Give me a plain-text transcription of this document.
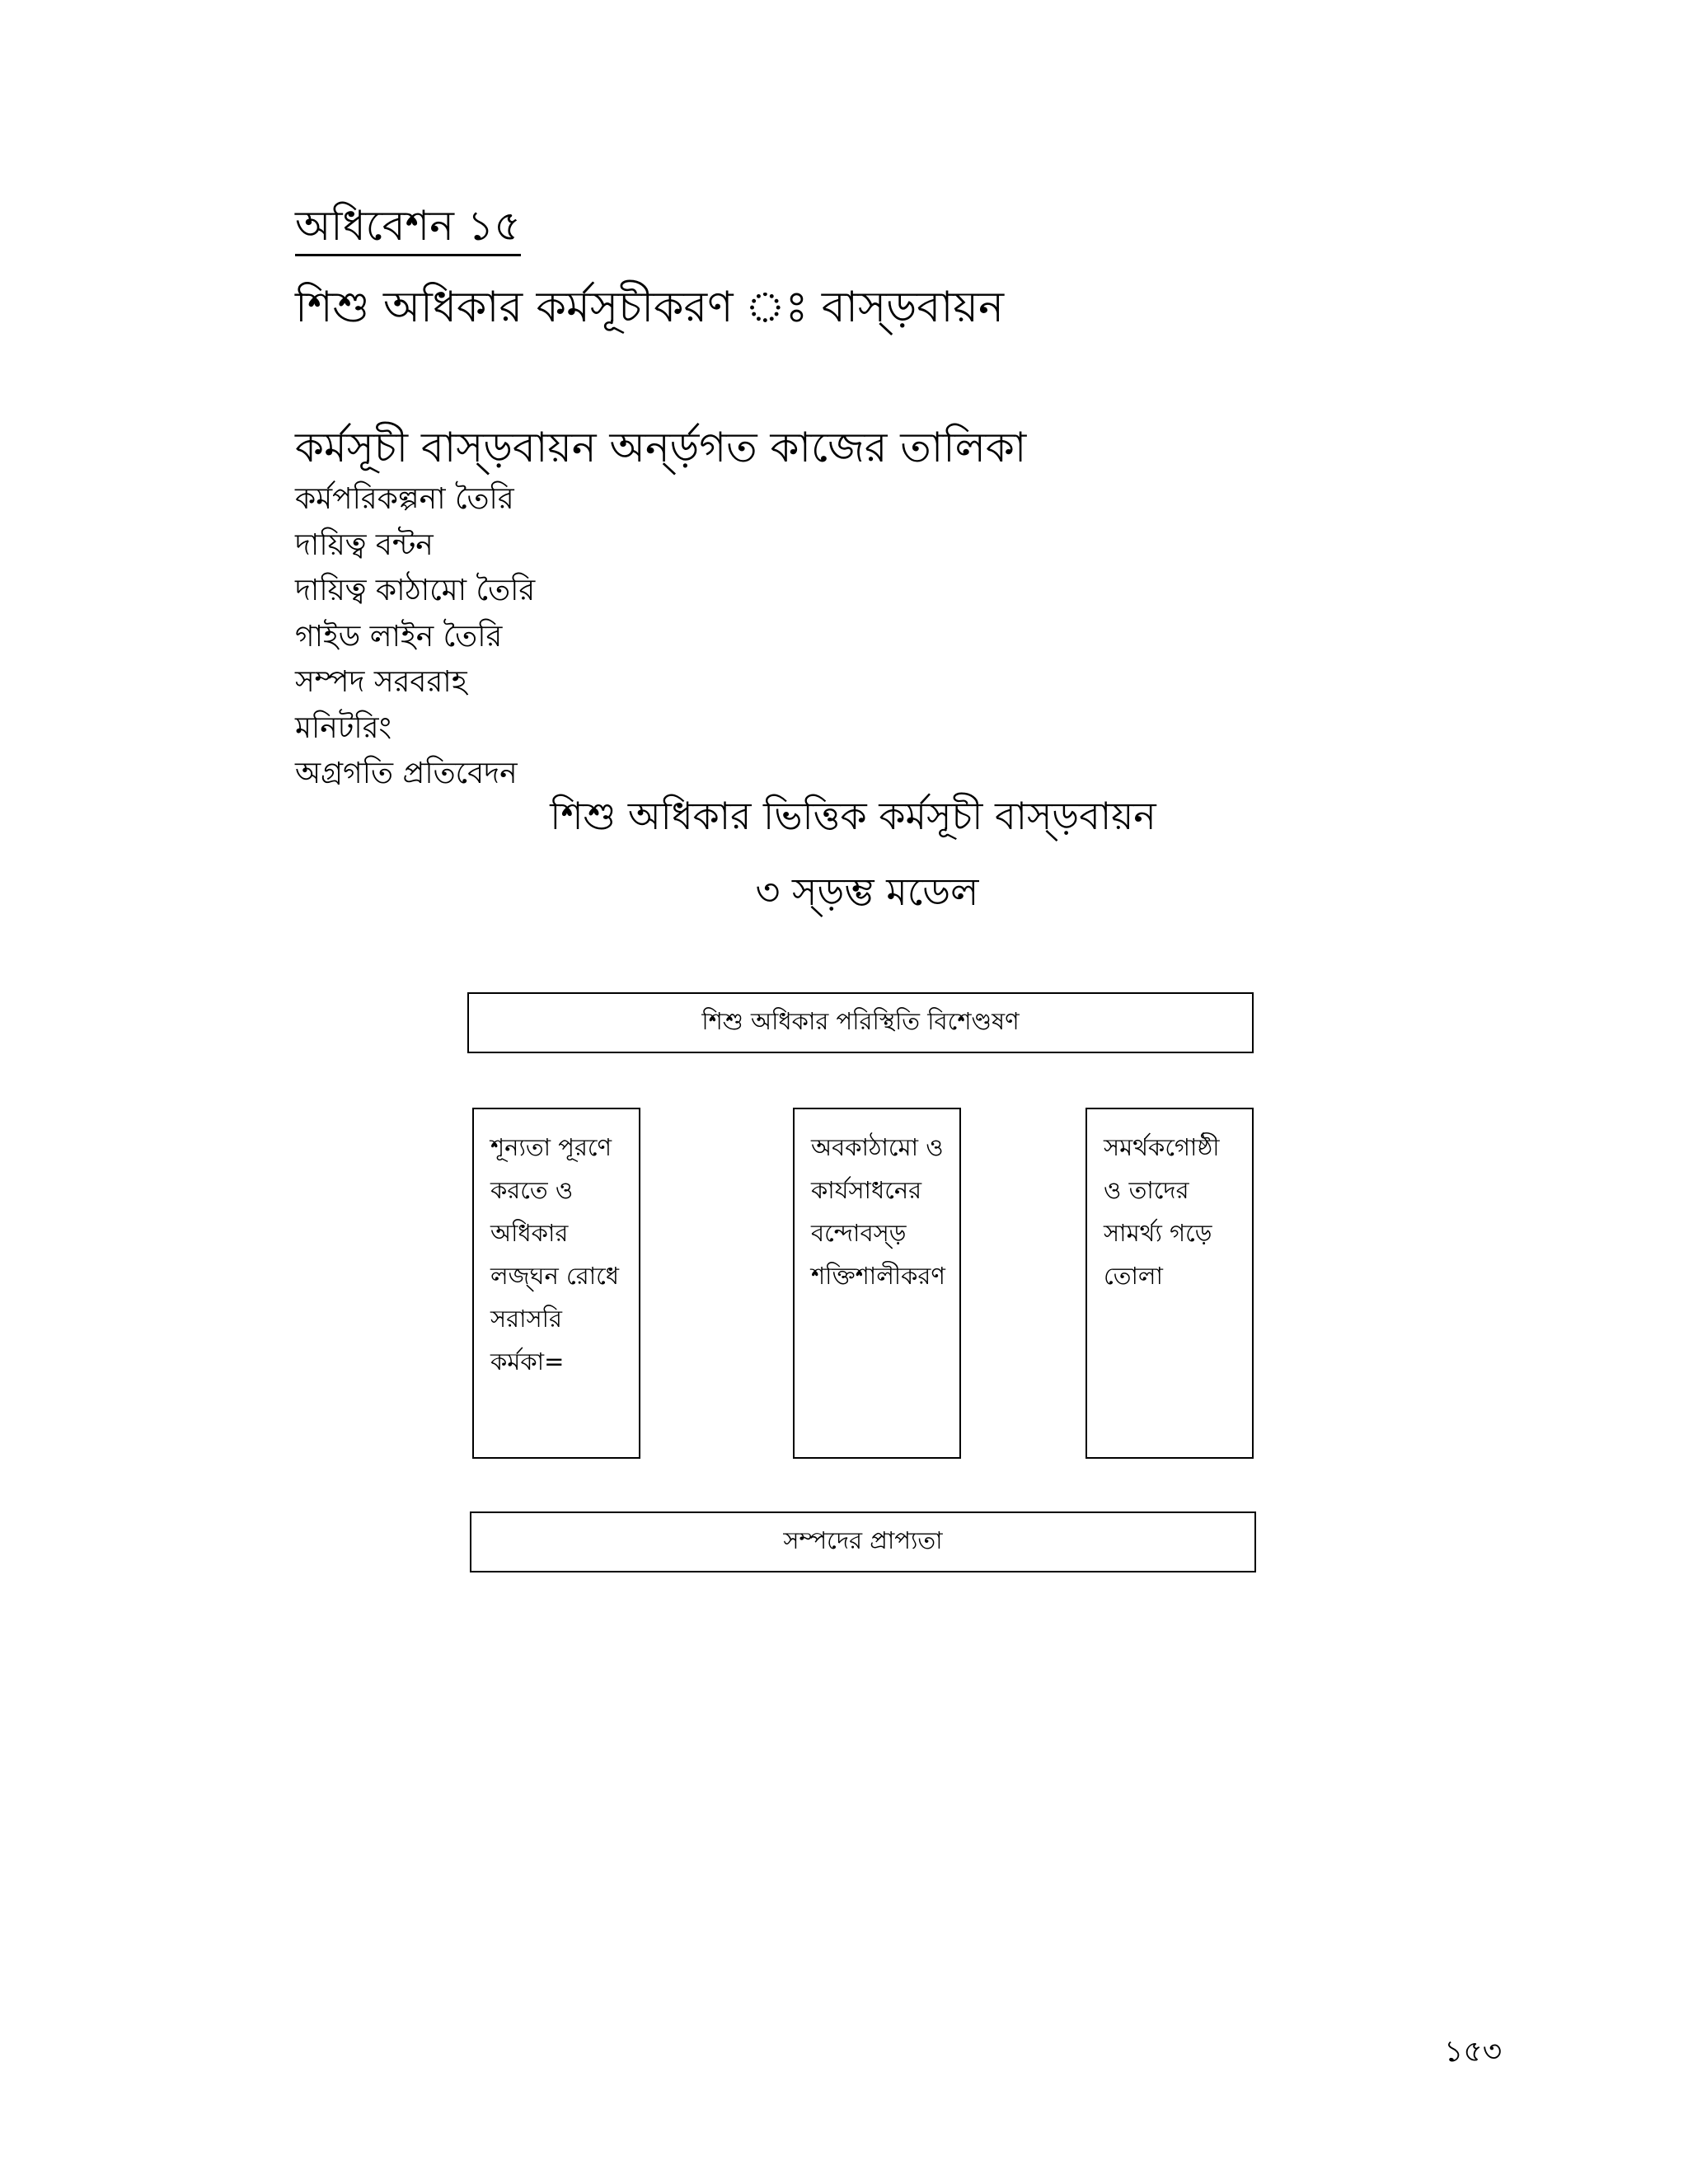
অধিবেশন ১৫
শিশু অধিকার কর্মসূচীকরণ ঃ বাস্ড়বায়ন
কর্মসূচী বাস্ড়বায়ন অর্ন্ড়গত কাজের তালিকা
কর্মপরিকল্পনা তৈরি
দায়িত্ব বন্টন
দায়িত্ব কাঠামো তৈরি
গাইড লাইন তৈরি
সম্পদ সরবরাহ
মনিটরিং
অগ্রগতি প্রতিবেদন
শিশু অধিকার ভিত্তিক কর্মসূচী বাস্ড়বায়ন
৩ স্ড়ম্ভ মডেল
শিশু অধিকার পরিস্থিতি বিশেণ্ডষণ
শূন্যতা পূরণে
করতে ও
অধিকার
লজ্ঘন রোধে
সরাসরি
কর্মকা=
অবকাঠামো ও
কার্যসাধনের
বন্দোবস্ড়
শক্তিশালীকরণ
সমর্থকগোষ্ঠী
ও তাদের
সামর্থ্য গড়ে
তোলা
সম্পদের প্রাপ্যতা
১৫৩
